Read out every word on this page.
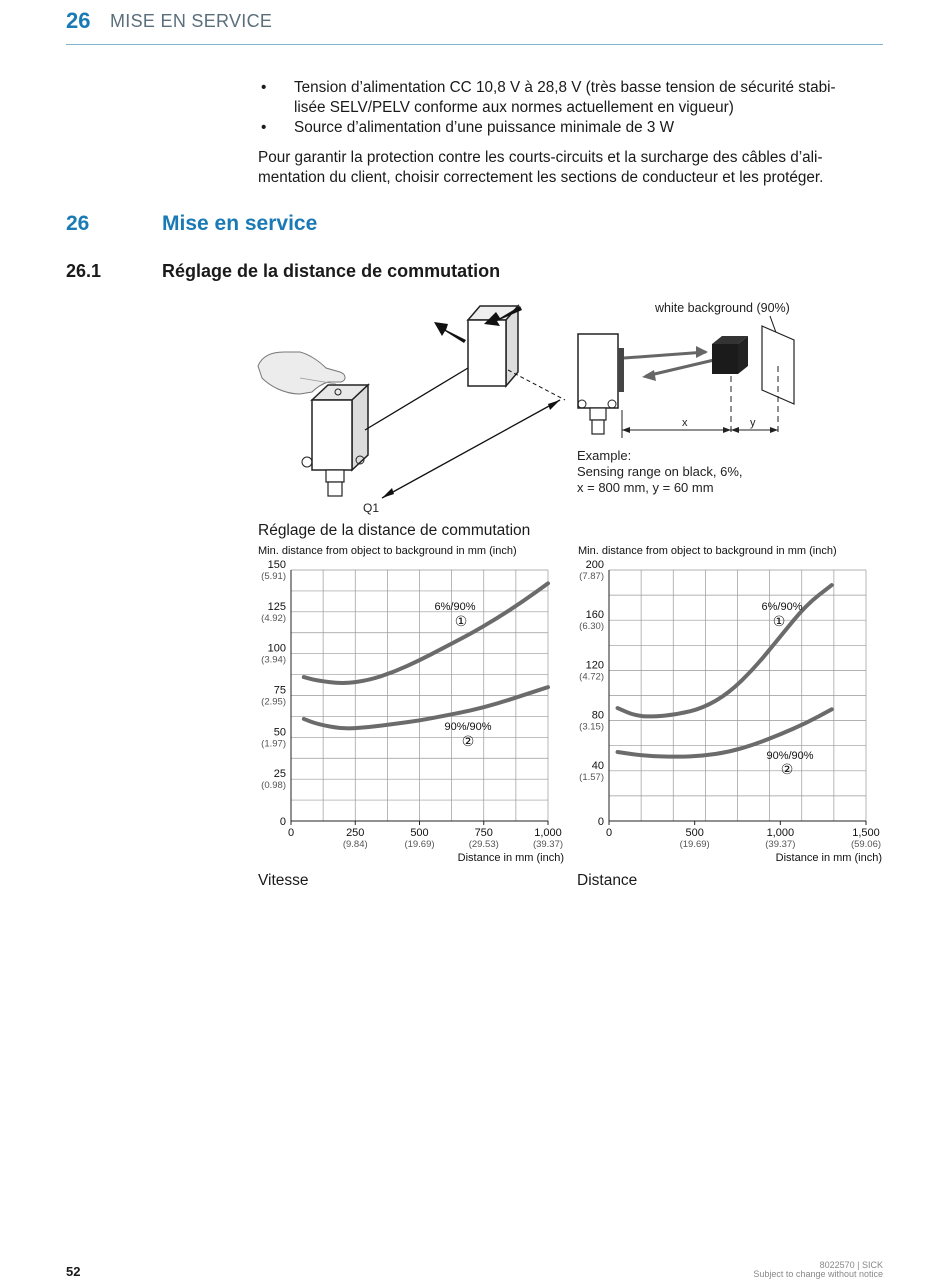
26 MISE EN SERVICE
• Tension d’alimentation CC 10,8 V à 28,8 V (très basse tension de sécurité stabi-
lisée SELV/PELV conforme aux normes actuellement en vigueur)
• Source d’alimentation d’une puissance minimale de 3 W
Pour garantir la protection contre les courts-circuits et la surcharge des câbles d’ali-
mentation du client, choisir correctement les sections de conducteur et les protéger.
26	Mise en service
26.1	Réglage de la distance de commutation
Q1
white background (90%)
x	y
Example:
Sensing range on black, 6%,
x = 800 mm, y = 60 mm
Réglage de la distance de commutation
Min. distance from object to background in mm (inch)
0
25
(0.98)
50
(1.97)
75
(2.95)
100
(3.94)
125
(4.92)
150
(5.91)
0	250
(9.84)
500
(19.69)
750
(29.53)
1,000
(39.37)
Distance in mm (inch)
6%/90%
①
90%/90%
②
Min. distance from object to background in mm (inch)
0
40
(1.57)
80
(3.15)
120
(4.72)
160
(6.30)
200
(7.87)
0	500
(19.69)
1,000
(39.37)
1,500
(59.06)
Distance in mm (inch)
6%/90%
①
90%/90%
②
Vitesse	Distance
52	8022570 | SICK
Subject to change without notice
